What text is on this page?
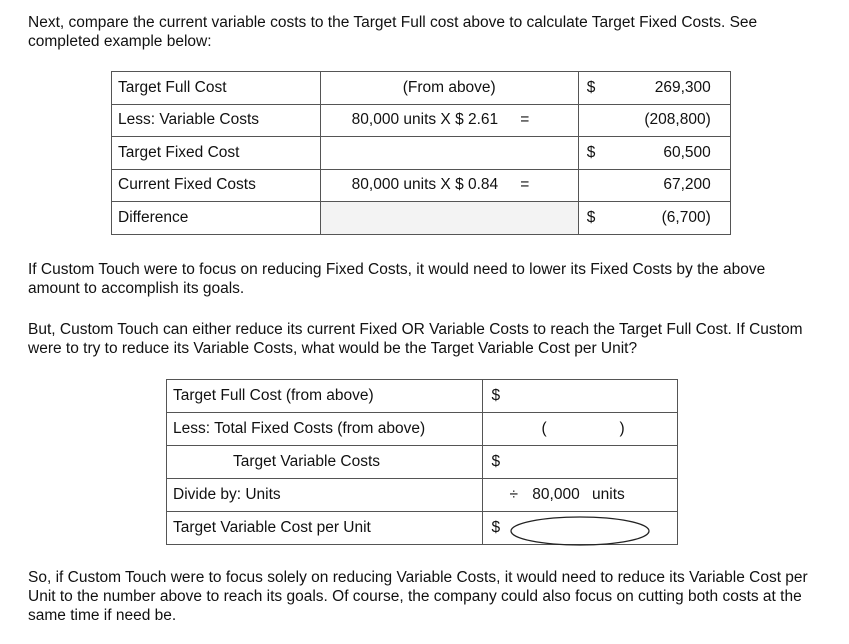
Next, compare the current variable costs to the Target Full cost above to calculate Target Fixed Costs. See completed example below:

Target Full Cost	(From above)	$ 269,300
Less: Variable Costs	80,000 units X $ 2.61 =	(208,800)
Target Fixed Cost		$ 60,500
Current Fixed Costs	80,000 units X $ 0.84 =	67,200
Difference		$ (6,700)

If Custom Touch were to focus on reducing Fixed Costs, it would need to lower its Fixed Costs by the above amount to accomplish its goals.

But, Custom Touch can either reduce its current Fixed OR Variable Costs to reach the Target Full Cost. If Custom were to try to reduce its Variable Costs, what would be the Target Variable Cost per Unit?

Target Full Cost (from above)	$
Less: Total Fixed Costs (from above)	( )

Target Variable Costs	$
Divide by: Units	÷ 80,000 units
Target Variable Cost per Unit	$

So, if Custom Touch were to focus solely on reducing Variable Costs, it would need to reduce its Variable Cost per Unit to the number above to reach its goals. Of course, the company could also focus on cutting both costs at the same time if need be.
